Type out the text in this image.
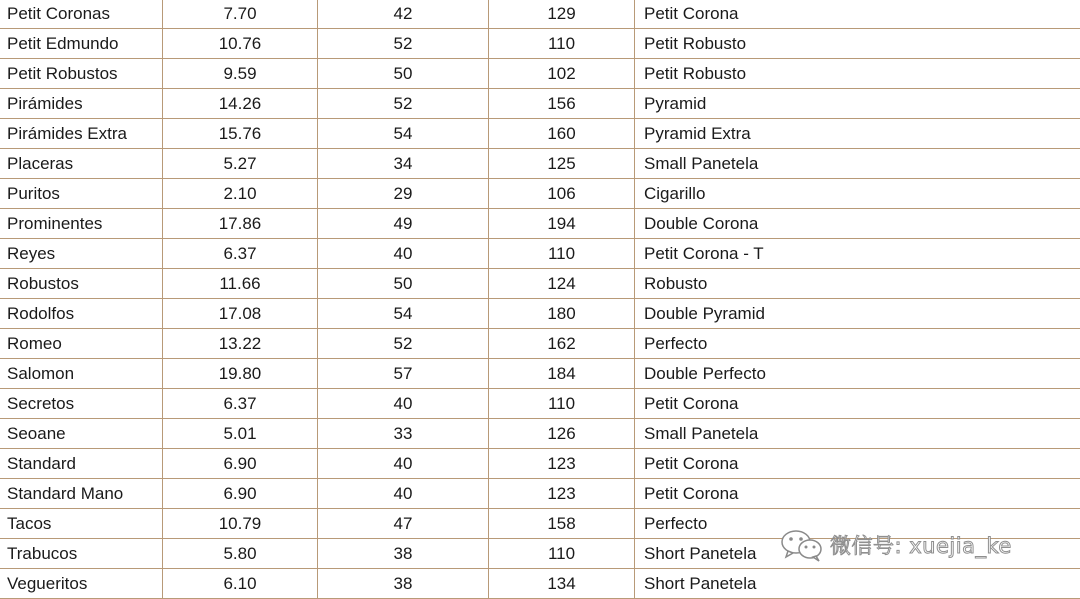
Petit Coronas	7.70	42	129	Petit Corona
Petit Edmundo	10.76	52	110	Petit Robusto
Petit Robustos	9.59	50	102	Petit Robusto
Pirámides	14.26	52	156	Pyramid
Pirámides Extra	15.76	54	160	Pyramid Extra
Placeras	5.27	34	125	Small Panetela
Puritos	2.10	29	106	Cigarillo
Prominentes	17.86	49	194	Double Corona
Reyes	6.37	40	110	Petit Corona - T
Robustos	11.66	50	124	Robusto
Rodolfos	17.08	54	180	Double Pyramid
Romeo	13.22	52	162	Perfecto
Salomon	19.80	57	184	Double Perfecto
Secretos	6.37	40	110	Petit Corona
Seoane	5.01	33	126	Small Panetela
Standard	6.90	40	123	Petit Corona
Standard Mano	6.90	40	123	Petit Corona
Tacos	10.79	47	158	Perfecto
Trabucos	5.80	38	110	Short Panetela
Vegueritos	6.10	38	134	Short Panetela
微信号: xuejia_ke
